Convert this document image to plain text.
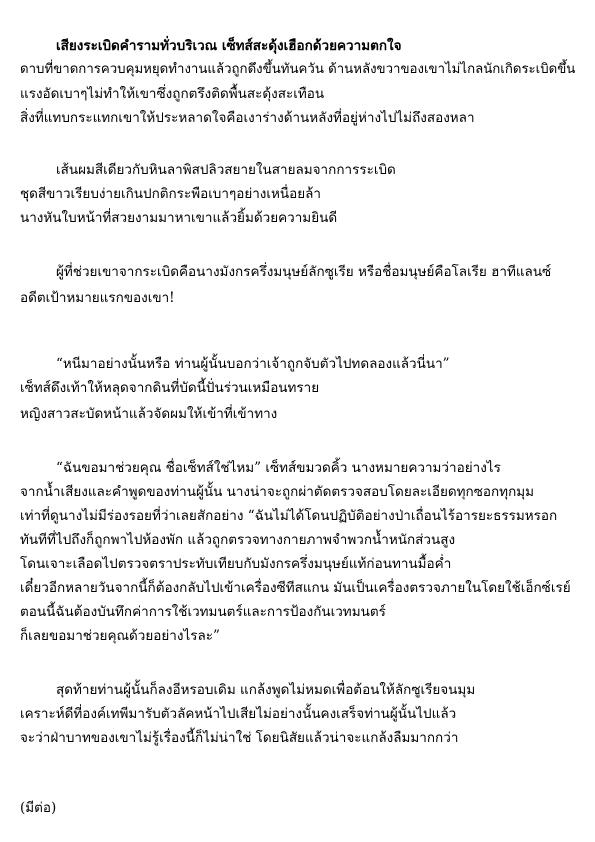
เสียงระเบิดคำรามทั่วบริเวณ เซ็ทส์สะดุ้งเฮือกด้วยความตกใจ
ดาบที่ขาดการควบคุมหยุดทำงานแล้วถูกดึงขึ้นทันควัน ด้านหลังขวาของเขาไม่ไกลนักเกิดระเบิดขึ้น
แรงอัดเบาๆไม่ทำให้เขาซึ่งถูกตรึงติดพื้นสะดุ้งสะเทือน
สิ่งที่แทบกระแทกเขาให้ประหลาดใจคือเงาร่างด้านหลังที่อยู่ห่างไปไม่ถึงสองหลา
เส้นผมสีเดียวกับหินลาพิสปลิวสยายในสายลมจากการระเบิด
ชุดสีขาวเรียบง่ายเกินปกติกระพือเบาๆอย่างเหนื่อยล้า
นางหันใบหน้าที่สวยงามมาหาเขาแล้วยิ้มด้วยความยินดี
ผู้ที่ช่วยเขาจากระเบิดคือนางมังกรครึ่งมนุษย์ลักซูเรีย หรือชื่อมนุษย์คือโลเรีย ฮาทีแลนซ์
อดีตเป้าหมายแรกของเขา!
“หนีมาอย่างนั้นหรือ ท่านผู้นั้นบอกว่าเจ้าถูกจับตัวไปทดลองแล้วนี่นา”
เซ็ทส์ดึงเท้าให้หลุดจากดินที่บัดนี้ปั่นร่วนเหมือนทราย
หญิงสาวสะบัดหน้าแล้วจัดผมให้เข้าที่เข้าทาง
“ฉันขอมาช่วยคุณ ชื่อเซ็ทส์ใช่ไหม” เซ็ทส์ขมวดคิ้ว นางหมายความว่าอย่างไร
จากน้ำเสียงและคำพูดของท่านผู้นั้น นางน่าจะถูกผ่าตัดตรวจสอบโดยละเอียดทุกซอกทุกมุม
เท่าที่ดูนางไม่มีร่องรอยที่ว่าเลยสักอย่าง “ฉันไม่ได้โดนปฏิบัติอย่างป่าเถื่อนไร้อารยะธรรมหรอก
ทันทีที่ไปถึงก็ถูกพาไปห้องพัก แล้วถูกตรวจทางกายภาพจำพวกน้ำหนักส่วนสูง
โดนเจาะเลือดไปตรวจตราประทับเทียบกับมังกรครึ่งมนุษย์แท้ก่อนทานมื้อค่ำ
เดี๋ยวอีกหลายวันจากนี้ก็ต้องกลับไปเข้าเครื่องซีทีสแกน มันเป็นเครื่องตรวจภายในโดยใช้เอ็กซ์เรย์
ตอนนี้ฉันต้องบันทึกค่าการใช้เวทมนตร์และการป้องกันเวทมนตร์
ก็เลยขอมาช่วยคุณด้วยอย่างไรละ”
สุดท้ายท่านผู้นั้นก็ลงอีหรอบเดิม แกล้งพูดไม่หมดเพื่อต้อนให้ลักซูเรียจนมุม
เคราะห์ดีที่องค์เทพีมารับตัวลัคหน้าไปเสียไม่อย่างนั้นคงเสร็จท่านผู้นั้นไปแล้ว
จะว่าฝ่าบาทของเขาไม่รู้เรื่องนี้ก็ไม่น่าใช่ โดยนิสัยแล้วน่าจะแกล้งลืมมากกว่า
(มีต่อ)
